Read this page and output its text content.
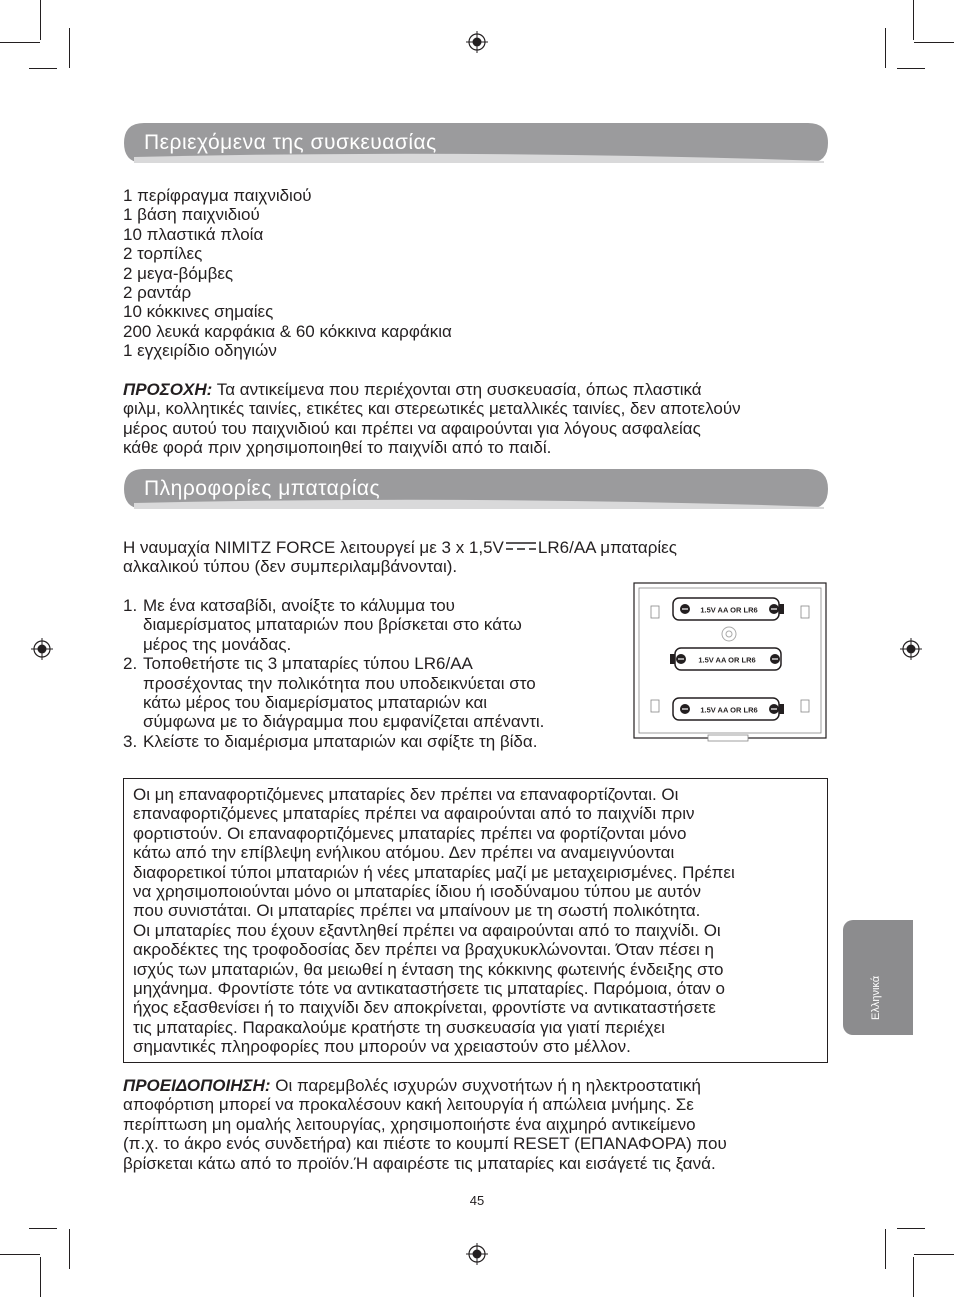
Περιεχόμενα της συσκευασίας
1 περίφραγμα παιχνιδιού
1 βάση παιχνιδιού
10 πλαστικά πλοία
2 τορπίλες
2 μεγα-βόμβες
2 ραντάρ
10 κόκκινες σημαίες
200 λευκά καρφάκια & 60 κόκκινα καρφάκια
1 εγχειρίδιο οδηγιών
ΠΡΟΣΟΧΗ: Τα αντικείμενα που περιέχονται στη συσκευασία, όπως πλαστικά
φιλμ, κολλητικές ταινίες, ετικέτες και στερεωτικές μεταλλικές ταινίες, δεν αποτελούν
μέρος αυτού του παιχνιδιού και πρέπει να αφαιρούνται για λόγους ασφαλείας
κάθε φορά πριν χρησιμοποιηθεί το παιχνίδι από το παιδί.
Πληροφορίες μπαταρίας
Η ναυμαχία NIMITZ FORCE λειτουργεί με 3 x 1,5V LR6/AA μπαταρίες
αλκαλικού τύπου (δεν συμπεριλαμβάνονται).
1. Με ένα κατσαβίδι, ανοίξτε το κάλυμμα του
διαμερίσματος μπαταριών που βρίσκεται στο κάτω
μέρος της μονάδας.
2. Τοποθετήστε τις 3 μπαταρίες τύπου LR6/AA
προσέχοντας την πολικότητα που υποδεικνύεται στο
κάτω μέρος του διαμερίσματος μπαταριών και
σύμφωνα με το διάγραμμα που εμφανίζεται απέναντι.
3. Κλείστε το διαμέρισμα μπαταριών και σφίξτε τη βίδα.
1.5V AA OR LR6
1.5V AA OR LR6
1.5V AA OR LR6
Οι μη επαναφορτιζόμενες μπαταρίες δεν πρέπει να επαναφορτίζονται. Οι
επαναφορτιζόμενες μπαταρίες πρέπει να αφαιρούνται από το παιχνίδι πριν
φορτιστούν. Οι επαναφορτιζόμενες μπαταρίες πρέπει να φορτίζονται μόνο
κάτω από την επίβλεψη ενήλικου ατόμου. Δεν πρέπει να αναμειγνύονται
διαφορετικοί τύποι μπαταριών ή νέες μπαταρίες μαζί με μεταχειρισμένες. Πρέπει
να χρησιμοποιούνται μόνο οι μπαταρίες ίδιου ή ισοδύναμου τύπου με αυτόν
που συνιστάται. Οι μπαταρίες πρέπει να μπαίνουν με τη σωστή πολικότητα.
Οι μπαταρίες που έχουν εξαντληθεί πρέπει να αφαιρούνται από το παιχνίδι. Οι
ακροδέκτες της τροφοδοσίας δεν πρέπει να βραχυκυκλώνονται. Όταν πέσει η
ισχύς των μπαταριών, θα μειωθεί η ένταση της κόκκινης φωτεινής ένδειξης στο
μηχάνημα. Φροντίστε τότε να αντικαταστήσετε τις μπαταρίες. Παρόμοια, όταν ο
ήχος εξασθενίσει ή το παιχνίδι δεν αποκρίνεται, φροντίστε να αντικαταστήσετε
τις μπαταρίες. Παρακαλούμε κρατήστε τη συσκευασία για γιατί περιέχει
σημαντικές πληροφορίες που μπορούν να χρειαστούν στο μέλλον.
ΠΡΟΕΙΔΟΠΟΙΗΣΗ: Οι παρεμβολές ισχυρών συχνοτήτων ή η ηλεκτροστατική
αποφόρτιση μπορεί να προκαλέσουν κακή λειτουργία ή απώλεια μνήμης. Σε
περίπτωση μη ομαλής λειτουργίας, χρησιμοποιήστε ένα αιχμηρό αντικείμενο
(π.χ. το άκρο ενός συνδετήρα) και πιέστε το κουμπί RESET (ΕΠΑΝΑΦΟΡΑ) που
βρίσκεται κάτω από το προϊόν.Ή αφαιρέστε τις μπαταρίες και εισάγετέ τις ξανά.
45
Ελληνικά
